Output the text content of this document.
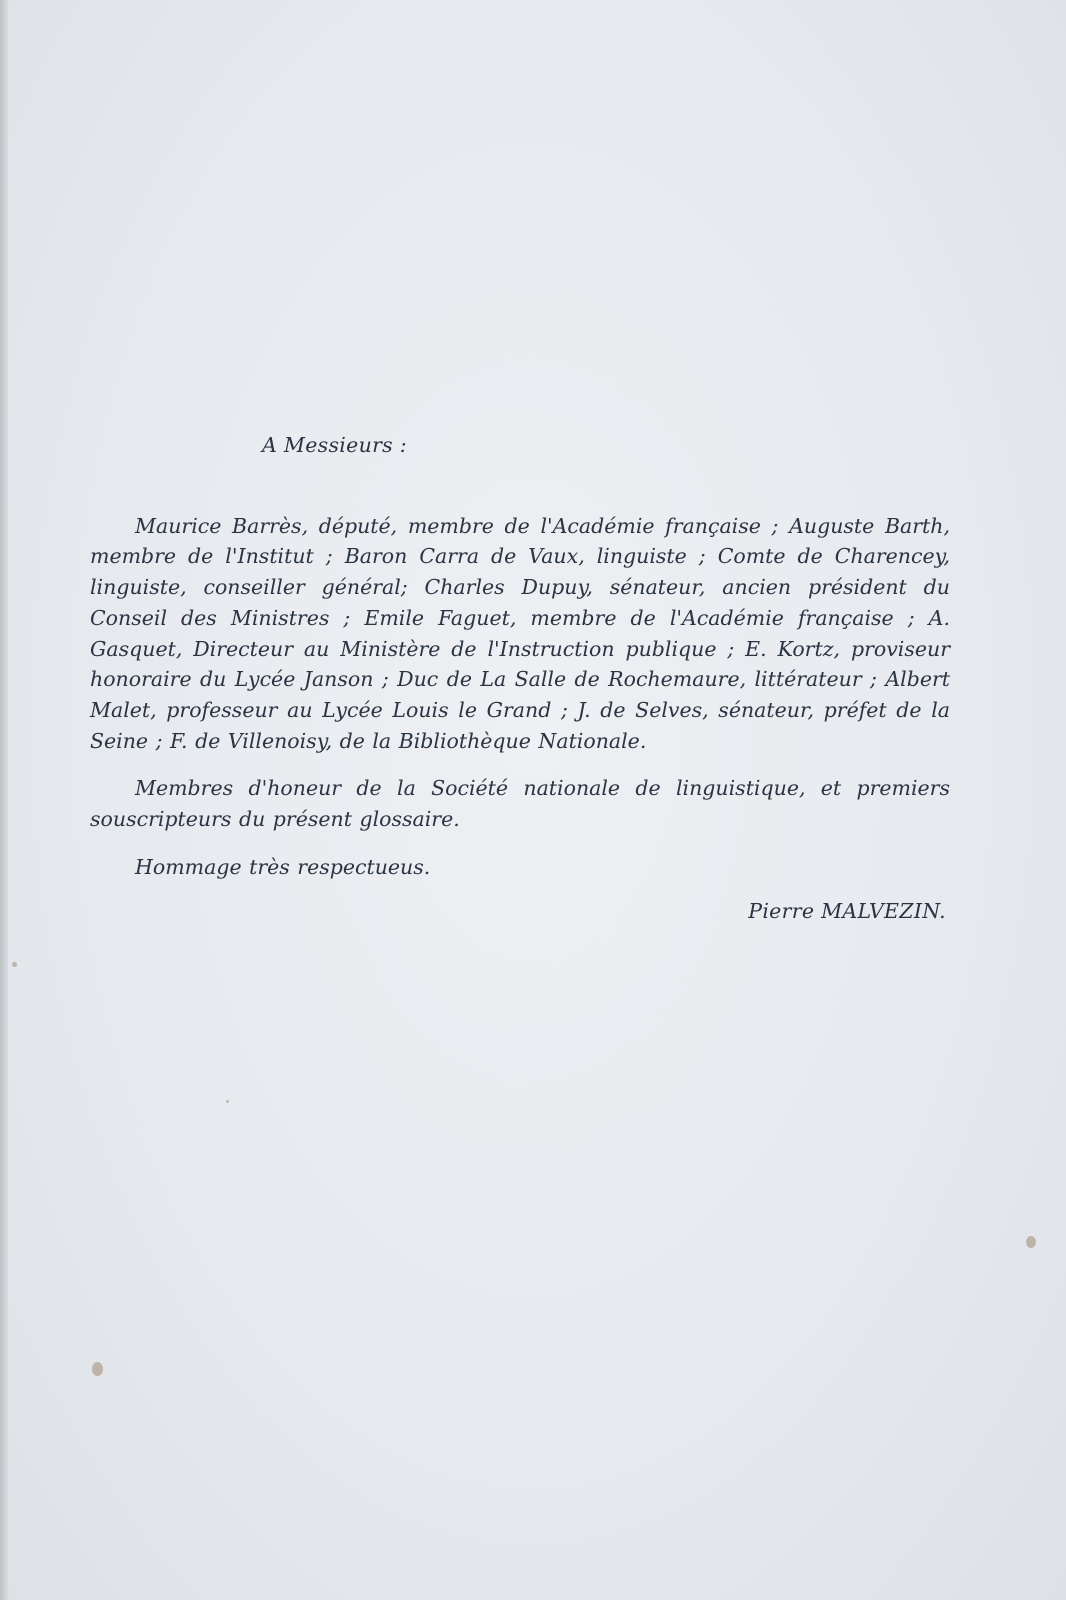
A Messieurs :

Maurice Barrès, député, membre de l'Académie française ; Auguste Barth, membre de l'Institut ; Baron Carra de Vaux, linguiste ; Comte de Charencey, linguiste, conseiller général; Charles Dupuy, sénateur, ancien président du Conseil des Ministres ; Emile Faguet, membre de l'Académie française ; A. Gasquet, Directeur au Ministère de l'Instruction publique ; E. Kortz, proviseur honoraire du Lycée Janson ; Duc de La Salle de Rochemaure, littérateur ; Albert Malet, professeur au Lycée Louis le Grand ; J. de Selves, sénateur, préfet de la Seine ; F. de Villenoisy, de la Bibliothèque Nationale.

Membres d'honeur de la Société nationale de linguistique, et premiers souscripteurs du présent glossaire.

Hommage très respectueus.

Pierre MALVEZIN.
